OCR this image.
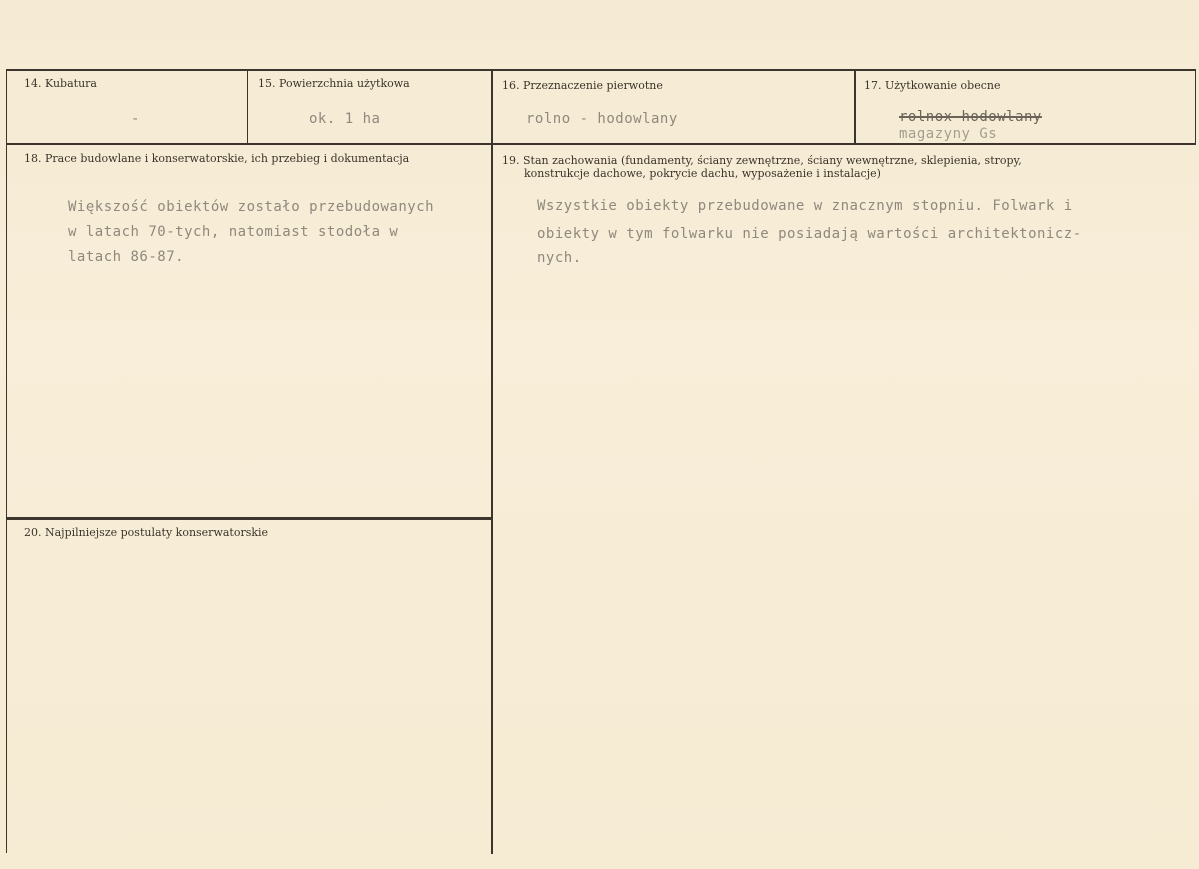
14. Kubatura
-
15. Powierzchnia użytkowa
ok. 1 ha
16. Przeznaczenie pierwotne
rolno - hodowlany
17. Użytkowanie obecne
rolnox-hodowlany
magazyny Gs
18. Prace budowlane i konserwatorskie, ich przebieg i dokumentacja
Większość obiektów zostało przebudowanych
w latach 70-tych, natomiast stodoła w
latach 86-87.
19. Stan zachowania (fundamenty, ściany zewnętrzne, ściany wewnętrzne, sklepienia, stropy,
konstrukcje dachowe, pokrycie dachu, wyposażenie i instalacje)
Wszystkie obiekty przebudowane w znacznym stopniu. Folwark i
obiekty w tym folwarku nie posiadają wartości architektonicz-
nych.
20. Najpilniejsze postulaty konserwatorskie
